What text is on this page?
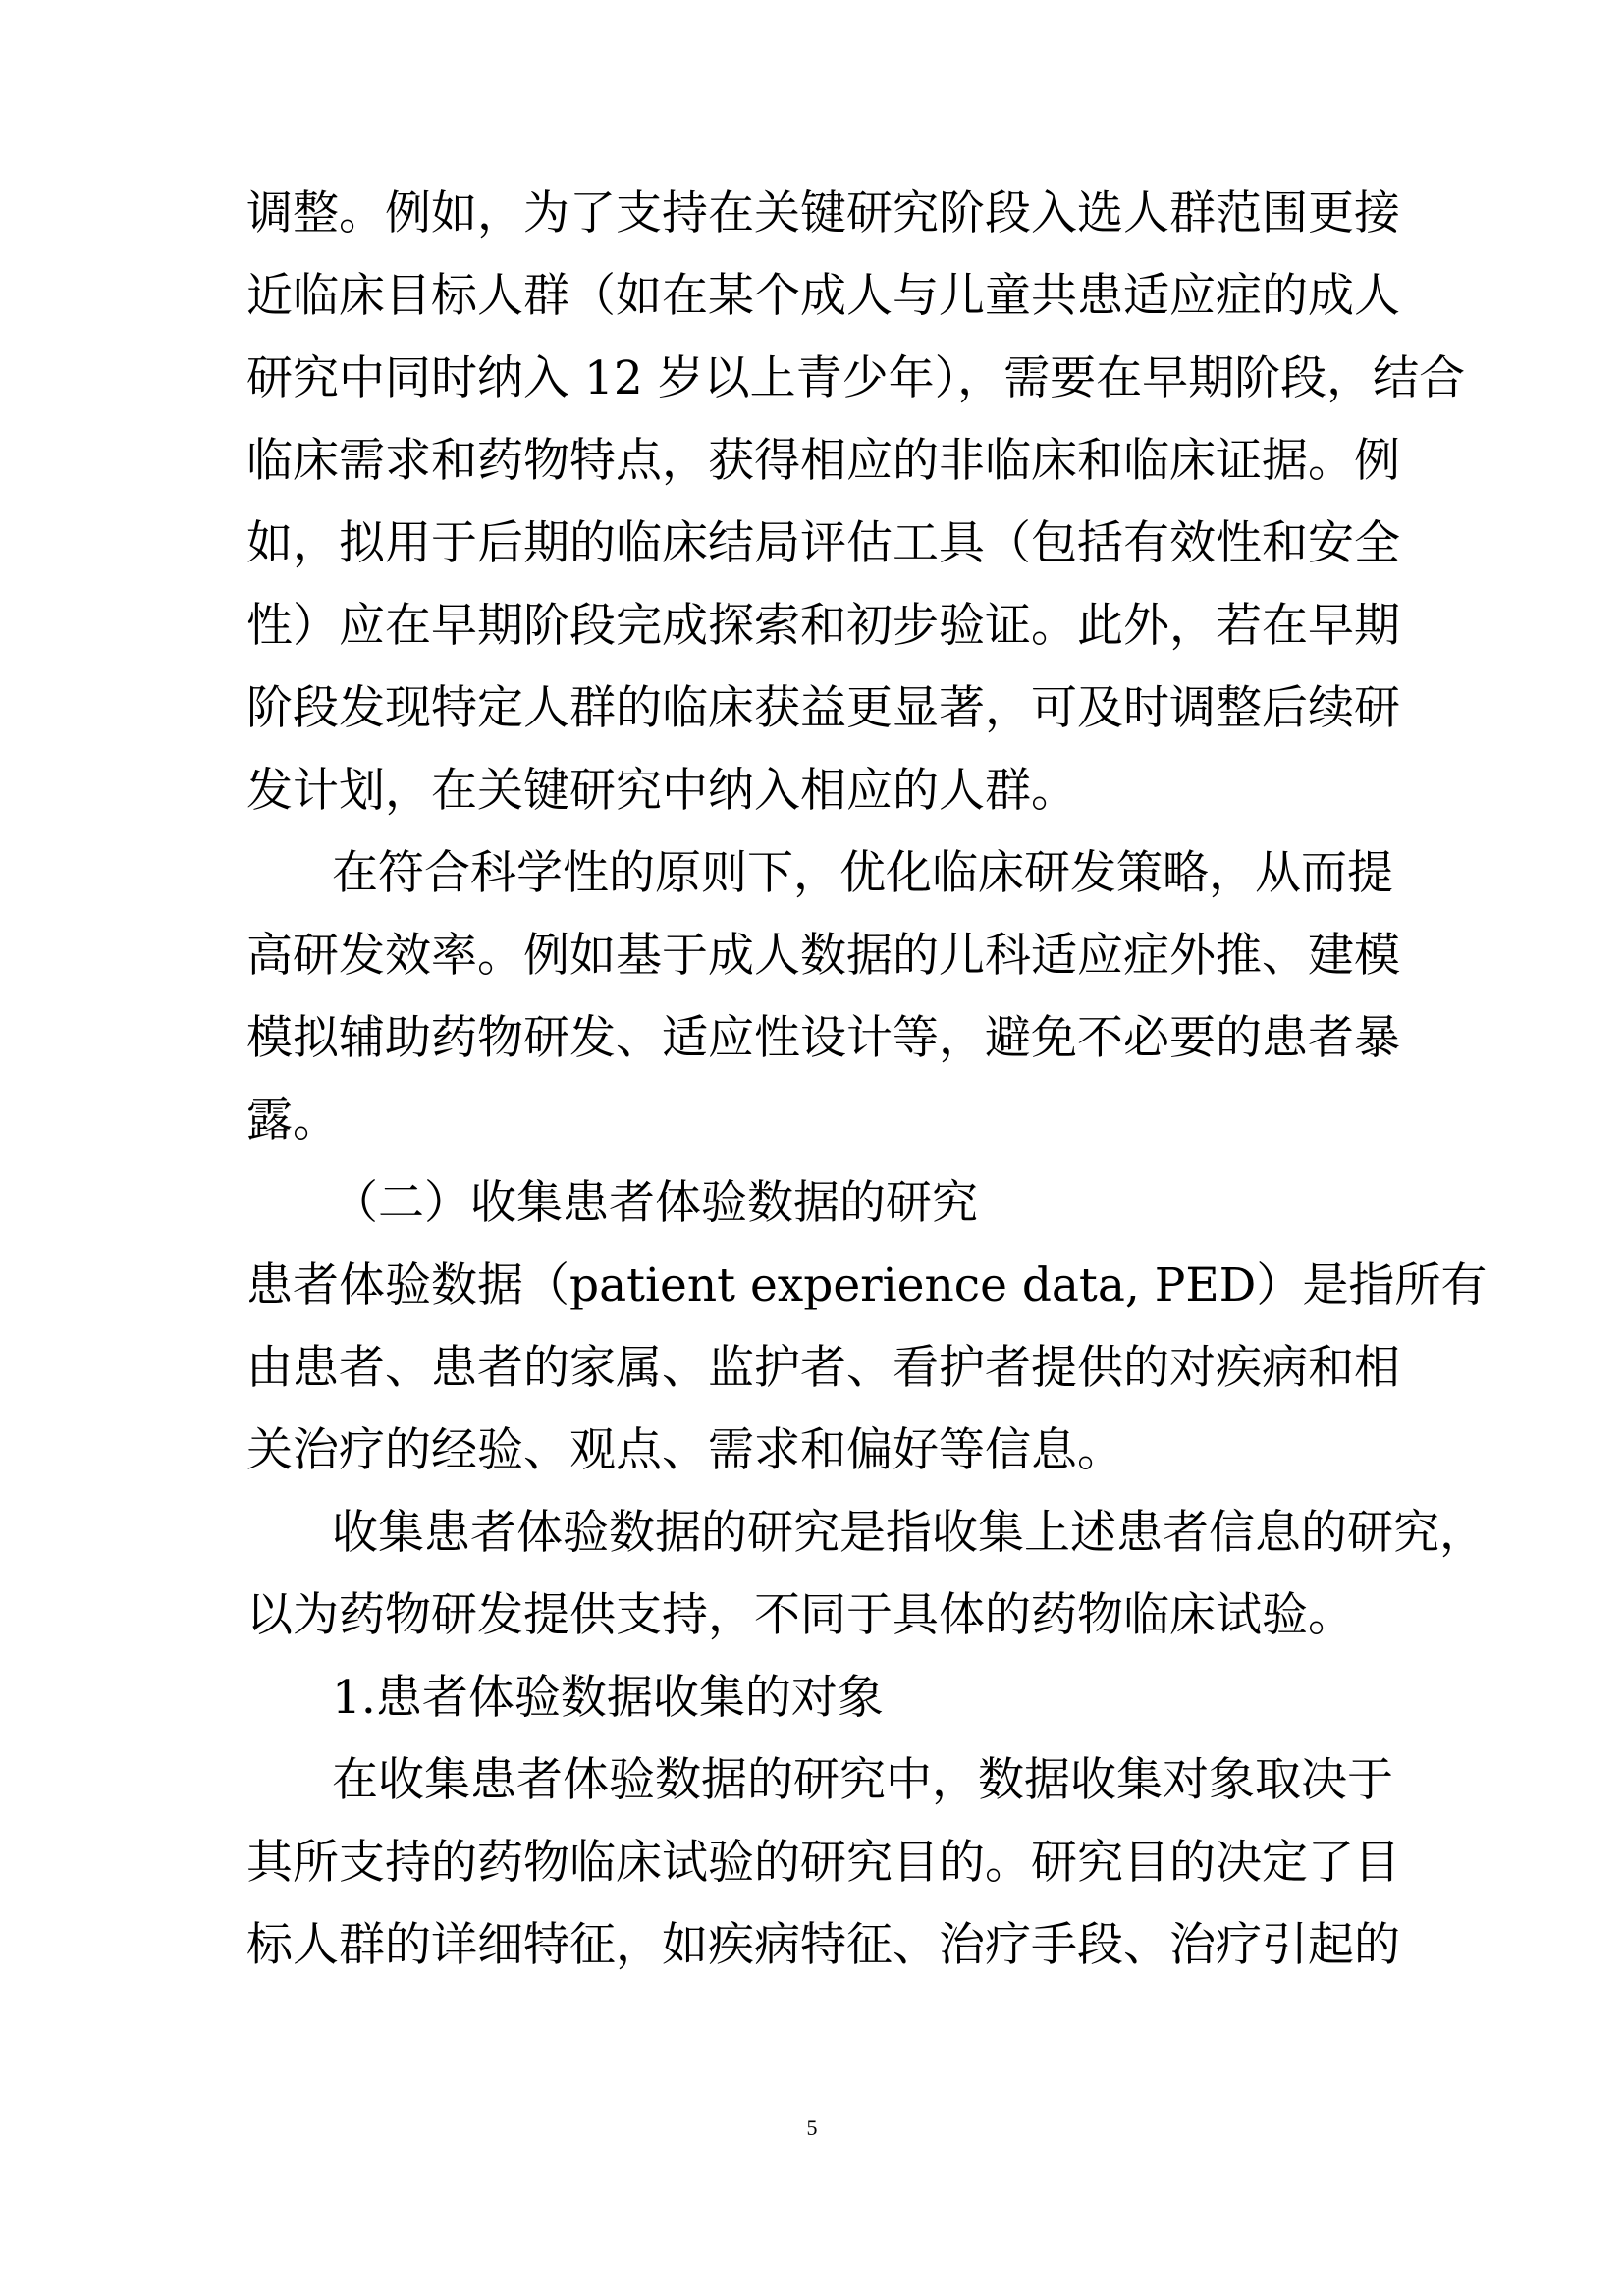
调整。例如，为了支持在关键研究阶段入选人群范围更接
近临床目标人群（如在某个成人与儿童共患适应症的成人
研究中同时纳入 12 岁以上青少年），需要在早期阶段，结合
临床需求和药物特点，获得相应的非临床和临床证据。例
如，拟用于后期的临床结局评估工具（包括有效性和安全
性）应在早期阶段完成探索和初步验证。此外，若在早期
阶段发现特定人群的临床获益更显著，可及时调整后续研
发计划，在关键研究中纳入相应的人群。
在符合科学性的原则下，优化临床研发策略，从而提
高研发效率。例如基于成人数据的儿科适应症外推、建模
模拟辅助药物研发、适应性设计等，避免不必要的患者暴
露。
（二）收集患者体验数据的研究
患者体验数据（patient experience data, PED）是指所有
由患者、患者的家属、监护者、看护者提供的对疾病和相
关治疗的经验、观点、需求和偏好等信息。
收集患者体验数据的研究是指收集上述患者信息的研究，
以为药物研发提供支持，不同于具体的药物临床试验。
1.患者体验数据收集的对象
在收集患者体验数据的研究中，数据收集对象取决于
其所支持的药物临床试验的研究目的。研究目的决定了目
标人群的详细特征，如疾病特征、治疗手段、治疗引起的
5
